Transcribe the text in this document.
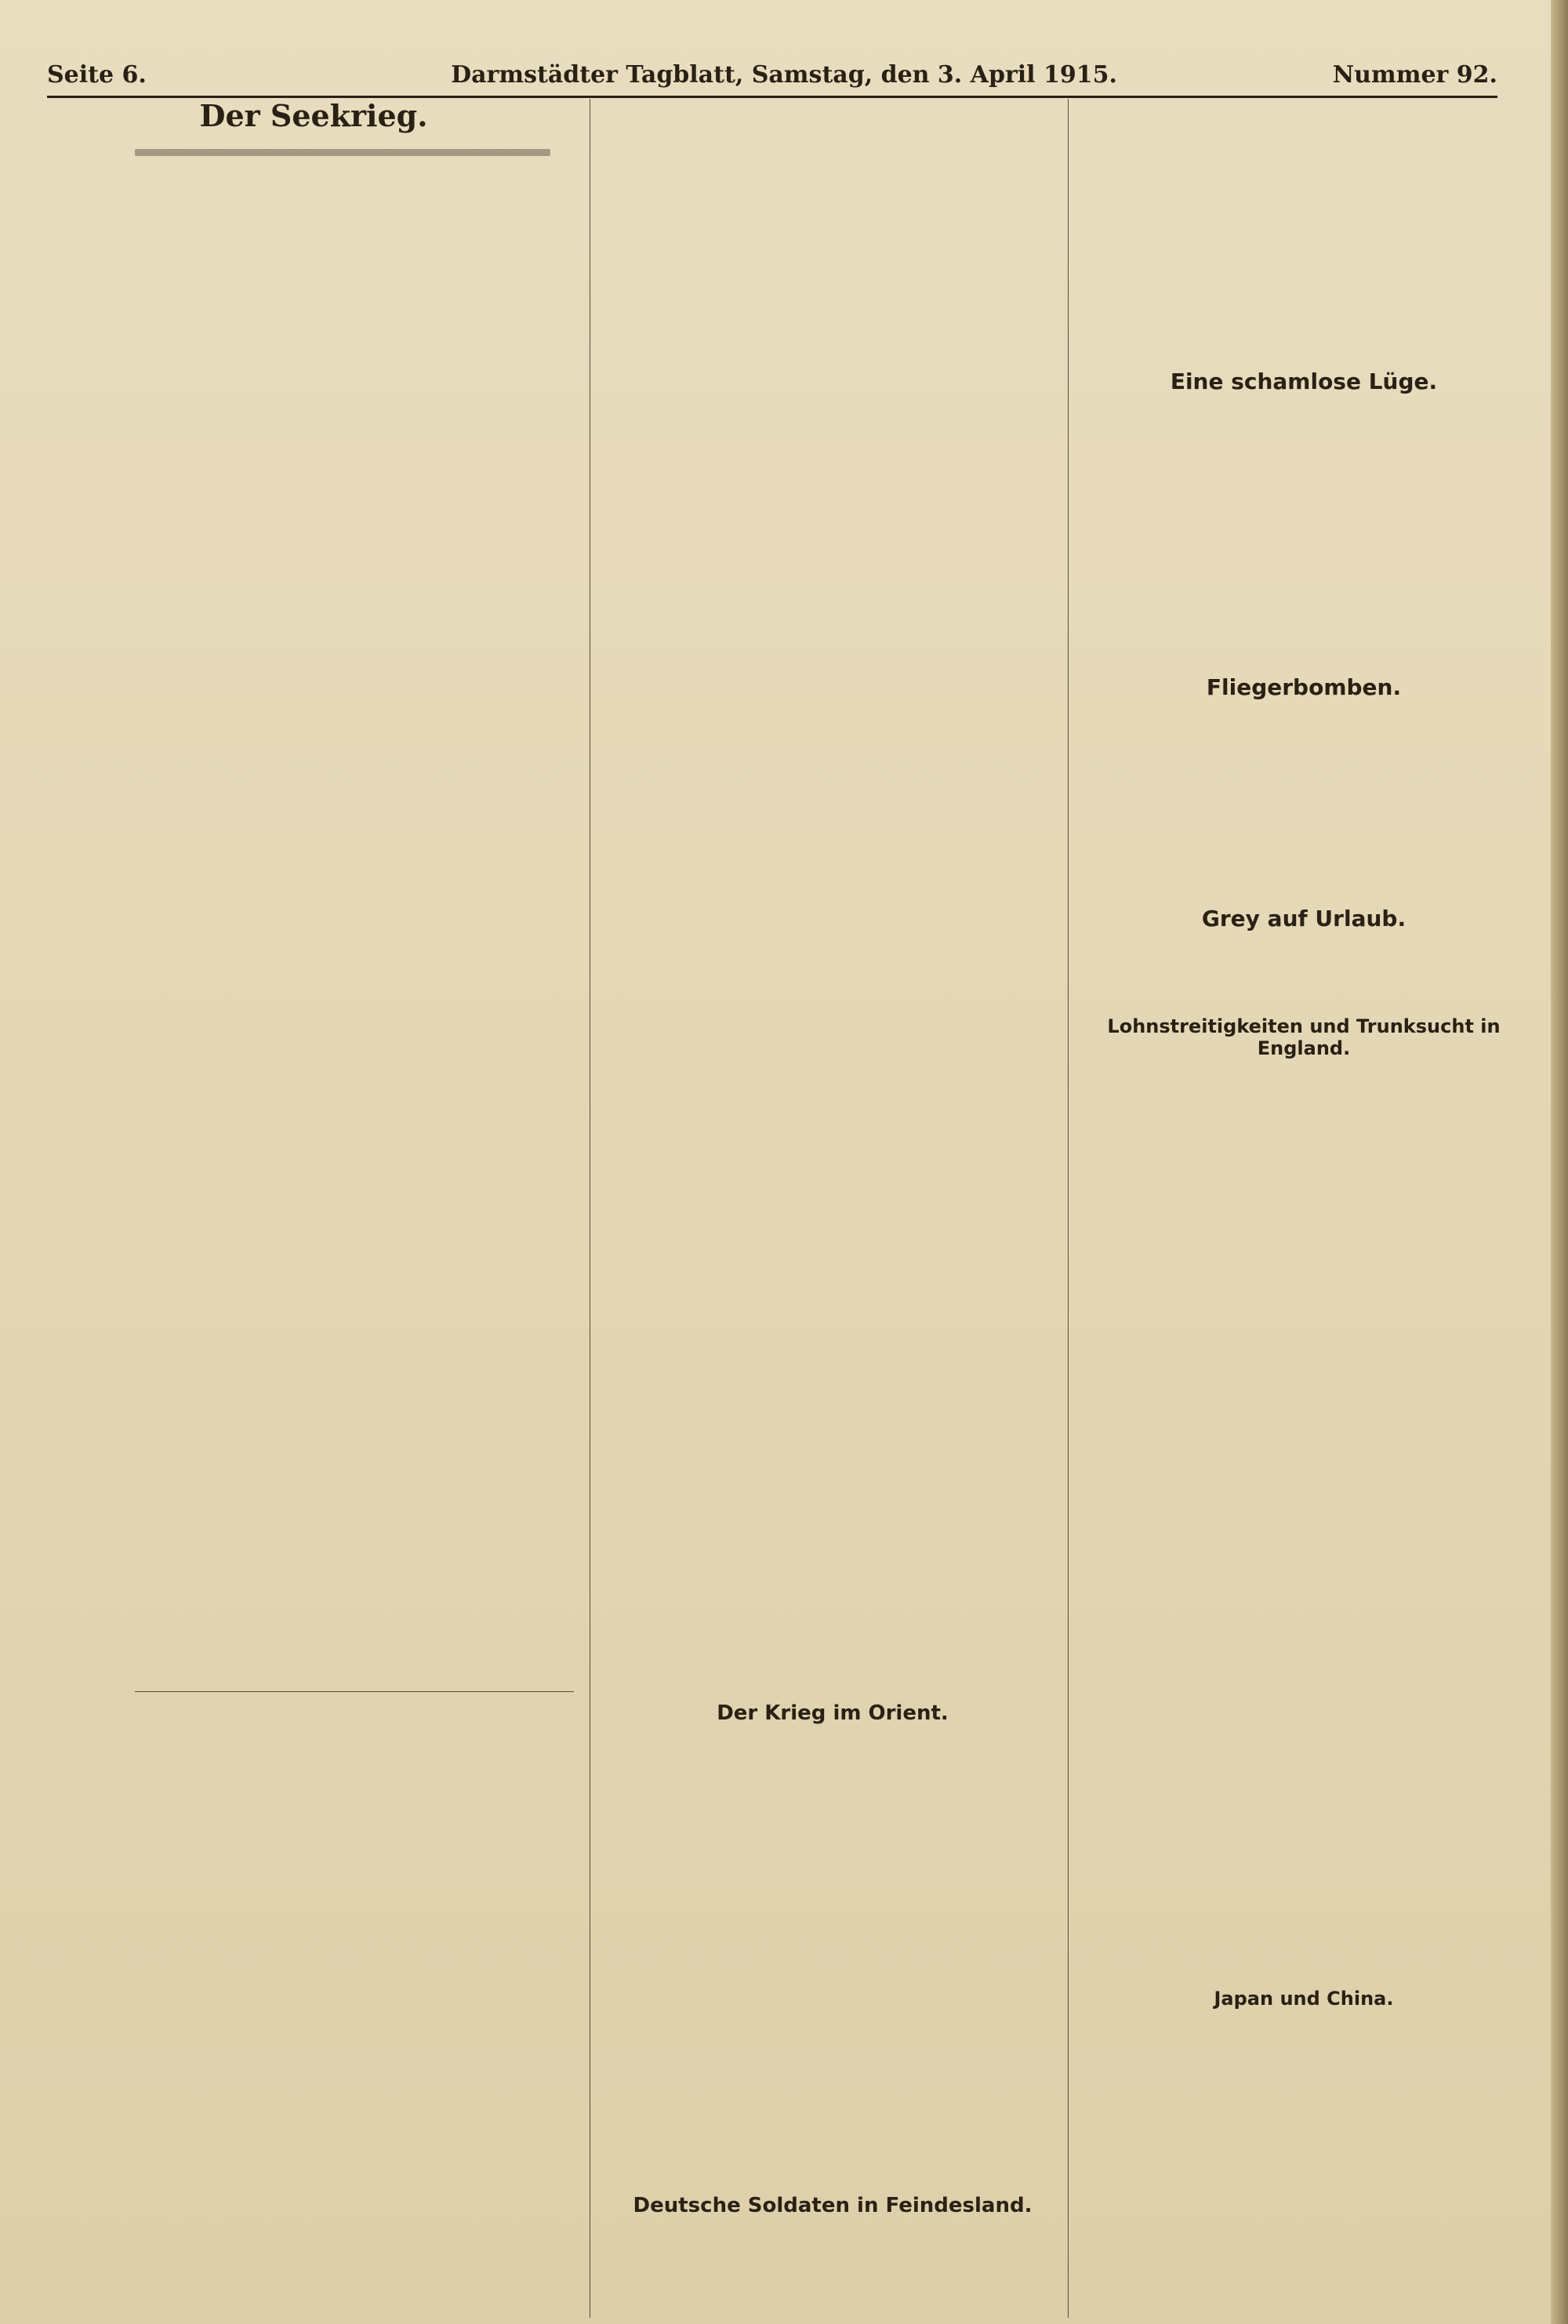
Seite 6.	Darmstädter Tagblatt, Samstag, den 3. April 1915.	Nummer 92.
Der Seekrieg.
Der Krieg im Orient.
Deutsche Soldaten in Feindesland.
Eine schamlose Lüge.
Fliegerbomben.
Grey auf Urlaub.
Lohnstreitigkeiten und Trunksucht in England.
Japan und China.
